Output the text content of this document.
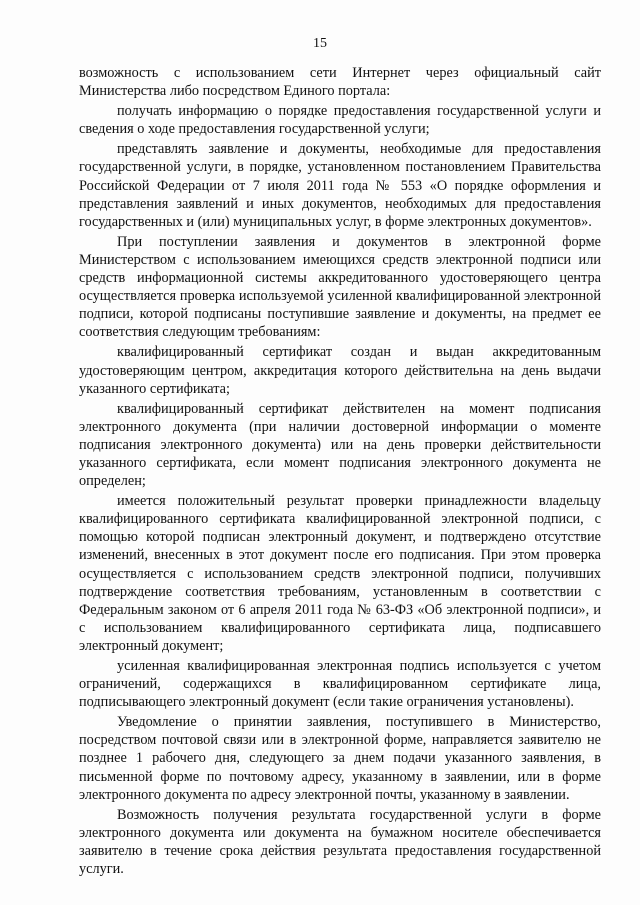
15

возможность с использованием сети Интернет через официальный сайт Министерства либо посредством Единого портала:

получать информацию о порядке предоставления государственной услуги и сведения о ходе предоставления государственной услуги;

представлять заявление и документы, необходимые для предоставления государственной услуги, в порядке, установленном постановлением Правительства Российской Федерации от 7 июля 2011 года № 553 «О порядке оформления и представления заявлений и иных документов, необходимых для предоставления государственных и (или) муниципальных услуг, в форме электронных документов».

При поступлении заявления и документов в электронной форме Министерством с использованием имеющихся средств электронной подписи или средств информационной системы аккредитованного удостоверяющего центра осуществляется проверка используемой усиленной квалифицированной электронной подписи, которой подписаны поступившие заявление и документы, на предмет ее соответствия следующим требованиям:

квалифицированный сертификат создан и выдан аккредитованным удостоверяющим центром, аккредитация которого действительна на день выдачи указанного сертификата;

квалифицированный сертификат действителен на момент подписания электронного документа (при наличии достоверной информации о моменте подписания электронного документа) или на день проверки действительности указанного сертификата, если момент подписания электронного документа не определен;

имеется положительный результат проверки принадлежности владельцу квалифицированного сертификата квалифицированной электронной подписи, с помощью которой подписан электронный документ, и подтверждено отсутствие изменений, внесенных в этот документ после его подписания. При этом проверка осуществляется с использованием средств электронной подписи, получивших подтверждение соответствия требованиям, установленным в соответствии с Федеральным законом от 6 апреля 2011 года № 63-ФЗ «Об электронной подписи», и с использованием квалифицированного сертификата лица, подписавшего электронный документ;

усиленная квалифицированная электронная подпись используется с учетом ограничений, содержащихся в квалифицированном сертификате лица, подписывающего электронный документ (если такие ограничения установлены).

Уведомление о принятии заявления, поступившего в Министерство, посредством почтовой связи или в электронной форме, направляется заявителю не позднее 1 рабочего дня, следующего за днем подачи указанного заявления, в письменной форме по почтовому адресу, указанному в заявлении, или в форме электронного документа по адресу электронной почты, указанному в заявлении.

Возможность получения результата государственной услуги в форме электронного документа или документа на бумажном носителе обеспечивается заявителю в течение срока действия результата предоставления государственной услуги.
